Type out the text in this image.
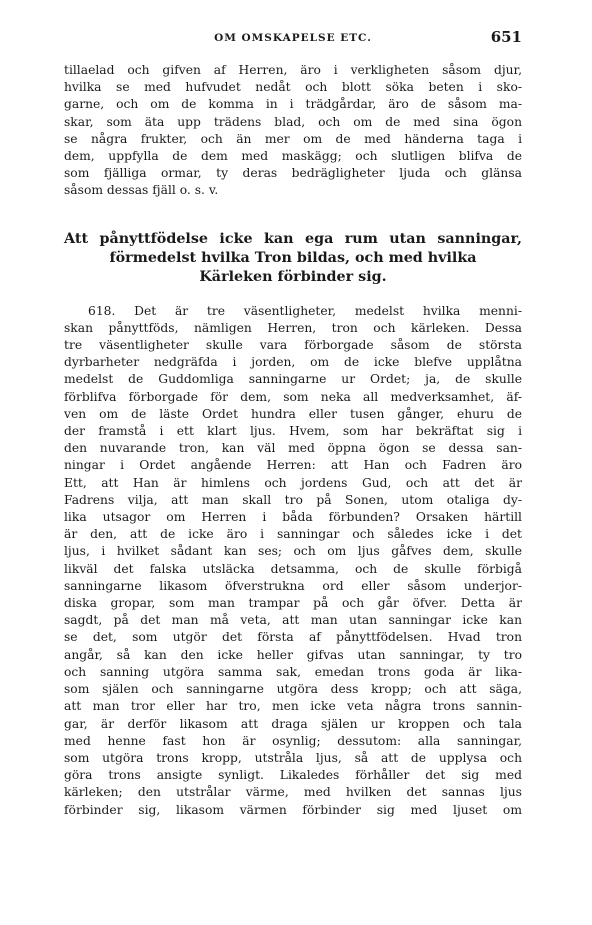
OM OMSKAPELSE ETC.	651
tillaelad och gifven af Herren, äro i verkligheten såsom djur,
hvilka se med hufvudet nedåt och blott söka beten i sko-
garne, och om de komma in i trädgårdar, äro de såsom ma-
skar, som äta upp trädens blad, och om de med sina ögon
se några frukter, och än mer om de med händerna taga i
dem, uppfylla de dem med maskägg; och slutligen blifva de
som fjälliga ormar, ty deras bedrägligheter ljuda och glänsa
såsom dessas fjäll o. s. v.
Att pånyttfödelse icke kan ega rum utan sanningar,
förmedelst hvilka Tron bildas, och med hvilka
Kärleken förbinder sig.
618. Det är tre väsentligheter, medelst hvilka menni-
skan pånyttföds, nämligen Herren, tron och kärleken. Dessa
tre väsentligheter skulle vara förborgade såsom de största
dyrbarheter nedgräfda i jorden, om de icke blefve upplåtna
medelst de Guddomliga sanningarne ur Ordet; ja, de skulle
förblifva förborgade för dem, som neka all medverksamhet, äf-
ven om de läste Ordet hundra eller tusen gånger, ehuru de
der framstå i ett klart ljus. Hvem, som har bekräftat sig i
den nuvarande tron, kan väl med öppna ögon se dessa san-
ningar i Ordet angående Herren: att Han och Fadren äro
Ett, att Han är himlens och jordens Gud, och att det är
Fadrens vilja, att man skall tro på Sonen, utom otaliga dy-
lika utsagor om Herren i båda förbunden? Orsaken härtill
är den, att de icke äro i sanningar och således icke i det
ljus, i hvilket sådant kan ses; och om ljus gåfves dem, skulle
likväl det falska utsläcka detsamma, och de skulle förbigå
sanningarne likasom öfverstrukna ord eller såsom underjor-
diska gropar, som man trampar på och går öfver. Detta är
sagdt, på det man må veta, att man utan sanningar icke kan
se det, som utgör det första af pånyttfödelsen. Hvad tron
angår, så kan den icke heller gifvas utan sanningar, ty tro
och sanning utgöra samma sak, emedan trons goda är lika-
som själen och sanningarne utgöra dess kropp; och att säga,
att man tror eller har tro, men icke veta några trons sannin-
gar, är derför likasom att draga själen ur kroppen och tala
med henne fast hon är osynlig; dessutom: alla sanningar,
som utgöra trons kropp, utstråla ljus, så att de upplysa och
göra trons ansigte synligt. Likaledes förhåller det sig med
kärleken; den utstrålar värme, med hvilken det sannas ljus
förbinder sig, likasom värmen förbinder sig med ljuset om
